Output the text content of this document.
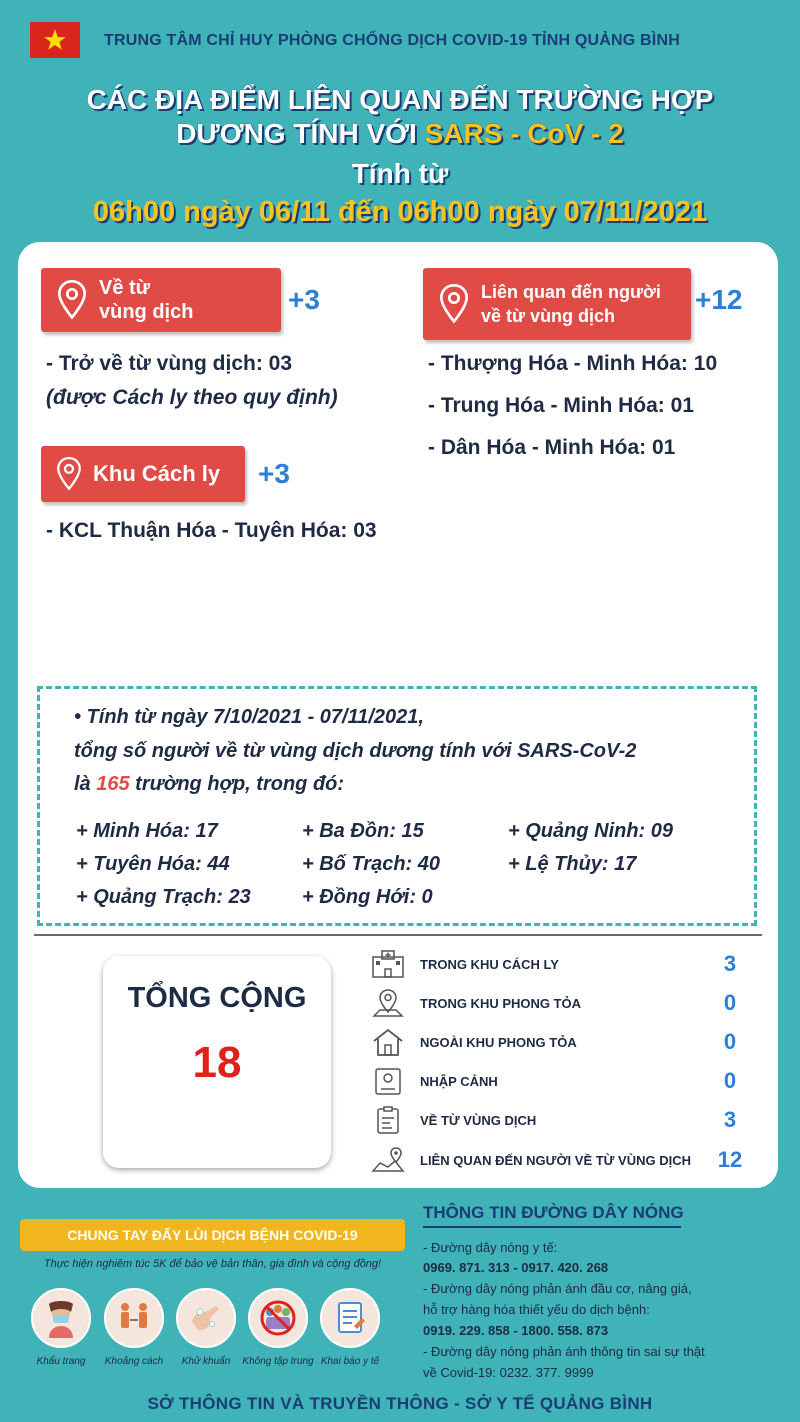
TRUNG TÂM CHỈ HUY PHÒNG CHỐNG DỊCH COVID-19 TỈNH QUẢNG BÌNH
CÁC ĐỊA ĐIỂM LIÊN QUAN ĐẾN TRƯỜNG HỢP
DƯƠNG TÍNH VỚI SARS - CoV - 2
Tính từ
06h00 ngày 06/11 đến 06h00 ngày 07/11/2021
Về từ
vùng dịch	+3
- Trở về từ vùng dịch: 03
(được Cách ly theo quy định)
Khu Cách ly +3
- KCL Thuận Hóa - Tuyên Hóa: 03
Liên quan đến người
về từ vùng dịch
+12
- Thượng Hóa - Minh Hóa: 10
- Trung Hóa - Minh Hóa: 01
- Dân Hóa - Minh Hóa: 01
• Tính từ ngày 7/10/2021 - 07/11/2021,
tổng số người về từ vùng dịch dương tính với SARS-CoV-2
là 165 trường hợp, trong đó:
+ Minh Hóa: 17	+ Ba Đồn: 15	+ Quảng Ninh: 09
+ Tuyên Hóa: 44	+ Bố Trạch: 40	+ Lệ Thủy: 17
+ Quảng Trạch: 23	+ Đồng Hới: 0
TỔNG CỘNG
18
TRONG KHU CÁCH LY	3
TRONG KHU PHONG TỎA	0
NGOÀI KHU PHONG TỎA	0
NHẬP CẢNH	0
VỀ TỪ VÙNG DỊCH	3
LIÊN QUAN ĐẾN NGƯỜI VỀ TỪ VÙNG DỊCH	12
CHUNG TAY ĐẨY LÙI DỊCH BỆNH COVID-19
Thực hiện nghiêm túc 5K để bảo vệ bản thân, gia đình và cộng đồng!
Khẩu trang	Khoảng cách	Khử khuẩn	Không tập trung Khai báo y tế
THÔNG TIN ĐƯỜNG DÂY NÓNG
- Đường dây nóng y tế:
0969. 871. 313 - 0917. 420. 268
- Đường dây nóng phản ánh đầu cơ, nâng giá,
hỗ trợ hàng hóa thiết yếu do dịch bệnh:
0919. 229. 858 - 1800. 558. 873
- Đường dây nóng phản ánh thông tin sai sự thật
về Covid-19: 0232. 377. 9999
SỞ THÔNG TIN VÀ TRUYỀN THÔNG - SỞ Y TẾ QUẢNG BÌNH
